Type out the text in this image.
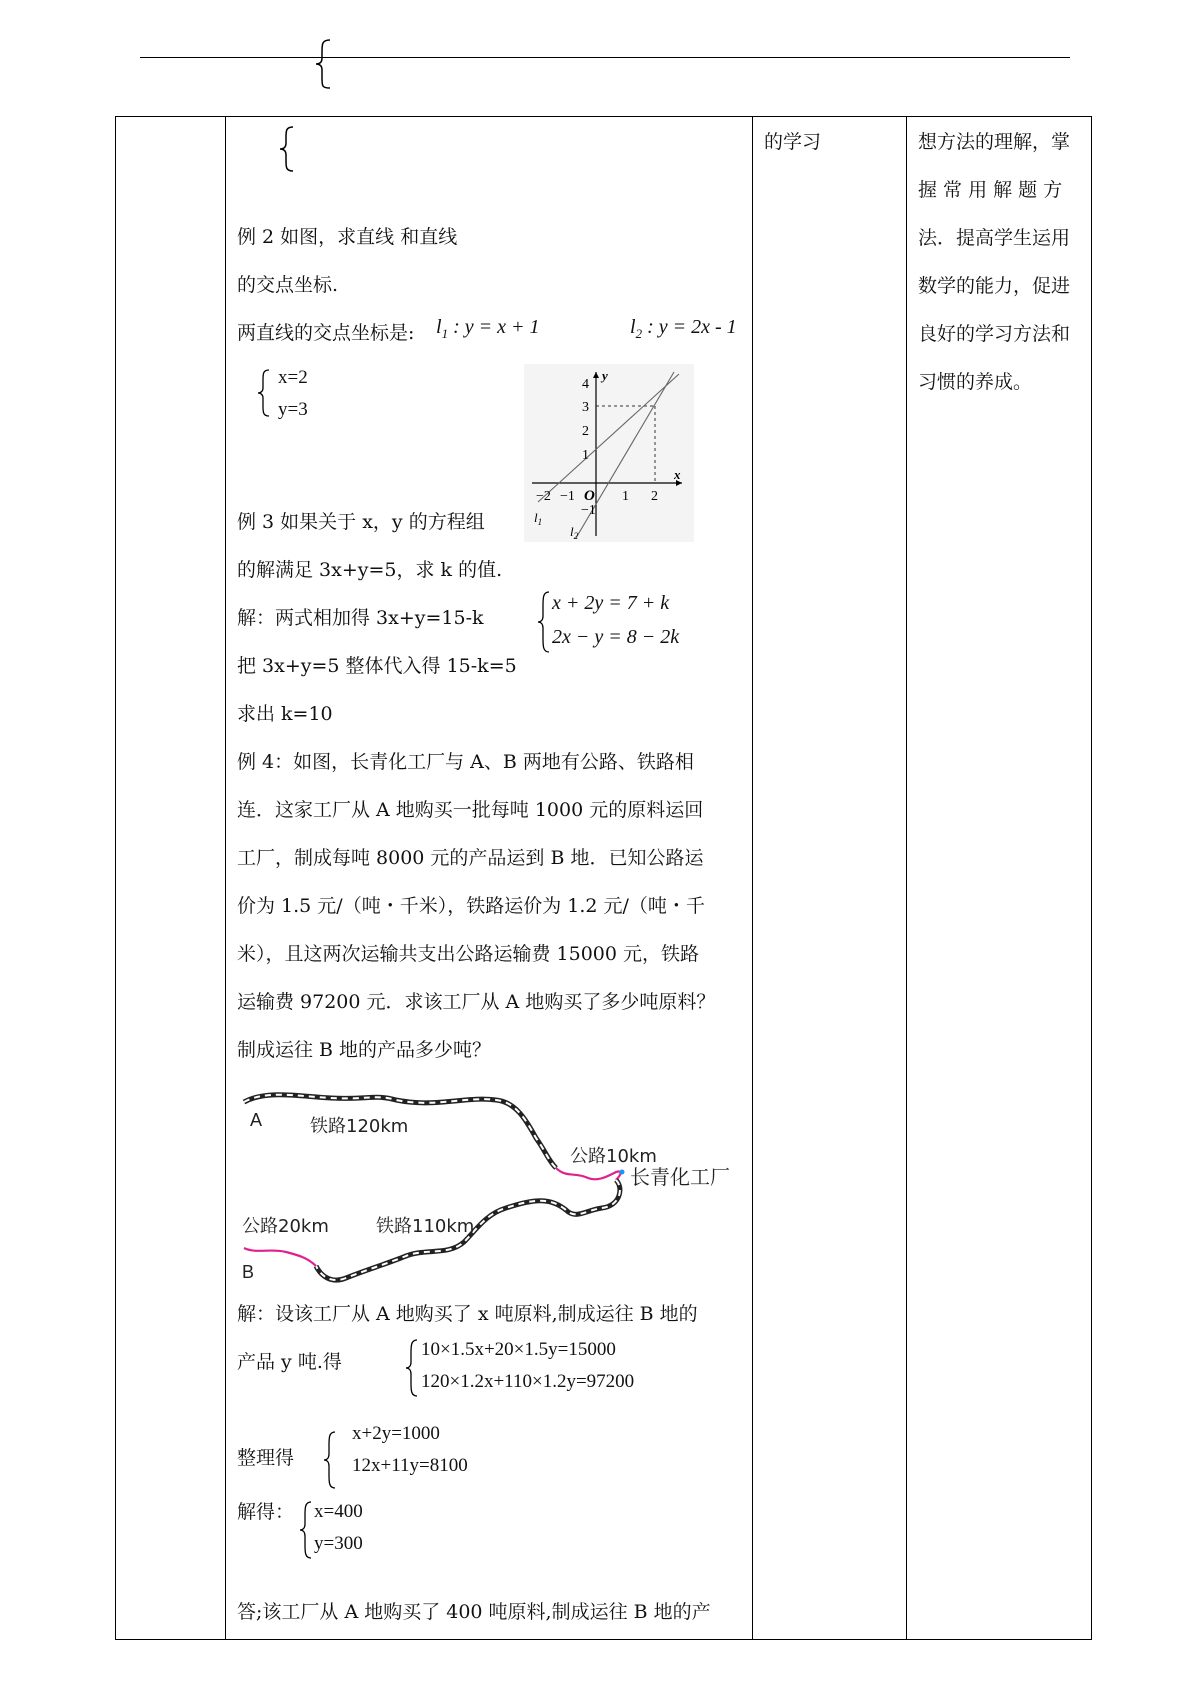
例 2 如图，求直线 和直线
的交点坐标.
两直线的交点坐标是: $l_1$ : y = x + 1	$l_2$ : y = 2x - 1
x=2
y=3
y
x
O
4
3
2
1
−1
−2 −1	1 2
$l_1$
$l_2$
例 3 如果关于 x，y 的方程组
的解满足 3x+y=5，求 k 的值.
解：两式相加得 3x+y=15-k
把 3x+y=5 整体代入得 15-k=5
求出 k=10
x + 2y = 7 + k
2x − y = 8 − 2k
例 4：如图，长青化工厂与 A、B 两地有公路、铁路相
连．这家工厂从 A 地购买一批每吨 1000 元的原料运回
工厂，制成每吨 8000 元的产品运到 B 地．已知公路运
价为 1.5 元/（吨・千米），铁路运价为 1.2 元/（吨・千
米），且这两次运输共支出公路运输费 15000 元，铁路
运输费 97200 元．求该工厂从 A 地购买了多少吨原料？
制成运往 B 地的产品多少吨？
A
B
铁路120km
公路10km
长青化工厂
公路20km	铁路110km
解：设该工厂从 A 地购买了 x 吨原料,制成运往 B 地的
产品 y 吨.得
10×1.5x+20×1.5y=15000
120×1.2x+110×1.2y=97200
整理得
x+2y=1000
12x+11y=8100
解得： x=400
y=300
答;该工厂从 A 地购买了 400 吨原料,制成运往 B 地的产
的学习	想方法的理解，掌
握 常 用 解 题 方
法．提高学生运用
数学的能力，促进
良好的学习方法和
习惯的养成。
